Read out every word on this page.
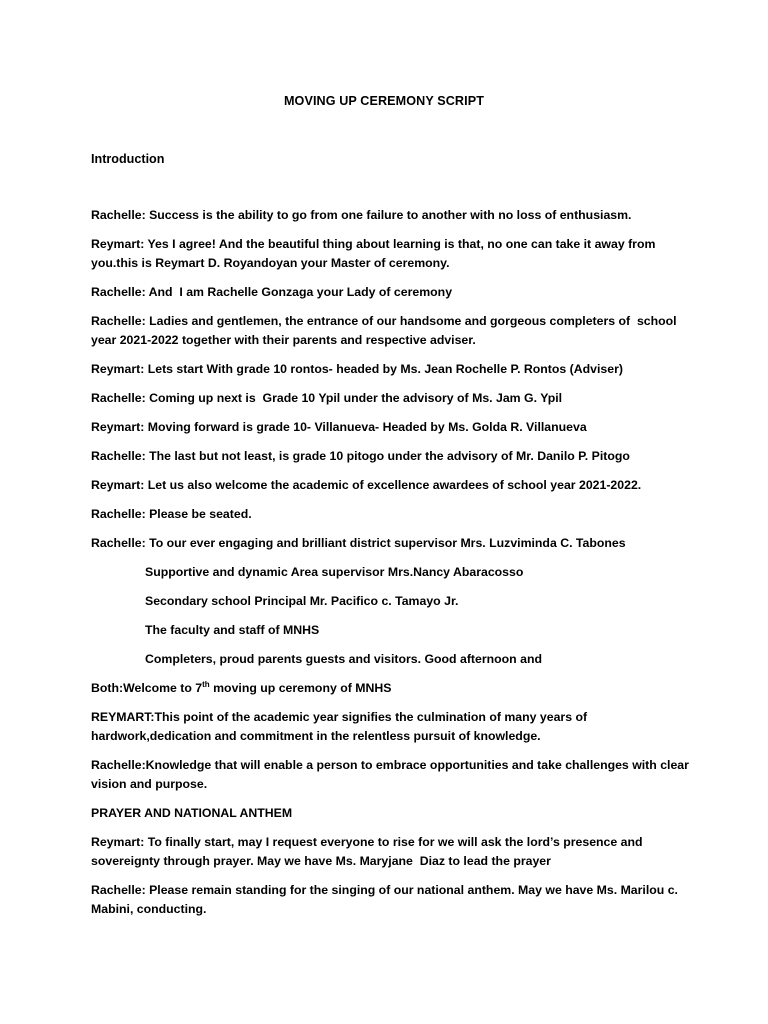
MOVING UP CEREMONY SCRIPT
Introduction

Rachelle: Success is the ability to go from one failure to another with no loss of enthusiasm.

Reymart: Yes I agree! And the beautiful thing about learning is that, no one can take it away from you.this is Reymart D. Royandoyan your Master of ceremony.

Rachelle: And  I am Rachelle Gonzaga your Lady of ceremony

Rachelle: Ladies and gentlemen, the entrance of our handsome and gorgeous completers of  school year 2021-2022 together with their parents and respective adviser.

Reymart: Lets start With grade 10 rontos- headed by Ms. Jean Rochelle P. Rontos (Adviser)

Rachelle: Coming up next is  Grade 10 Ypil under the advisory of Ms. Jam G. Ypil

Reymart: Moving forward is grade 10- Villanueva- Headed by Ms. Golda R. Villanueva

Rachelle: The last but not least, is grade 10 pitogo under the advisory of Mr. Danilo P. Pitogo

Reymart: Let us also welcome the academic of excellence awardees of school year 2021-2022.

Rachelle: Please be seated.

Rachelle: To our ever engaging and brilliant district supervisor Mrs. Luzviminda C. Tabones

Supportive and dynamic Area supervisor Mrs.Nancy Abaracosso

Secondary school Principal Mr. Pacifico c. Tamayo Jr.

The faculty and staff of MNHS

Completers, proud parents guests and visitors. Good afternoon and

Both:Welcome to 7th moving up ceremony of MNHS

REYMART:This point of the academic year signifies the culmination of many years of hardwork,dedication and commitment in the relentless pursuit of knowledge.

Rachelle:Knowledge that will enable a person to embrace opportunities and take challenges with clear vision and purpose.

PRAYER AND NATIONAL ANTHEM

Reymart: To finally start, may I request everyone to rise for we will ask the lord’s presence and sovereignty through prayer. May we have Ms. Maryjane  Diaz to lead the prayer

Rachelle: Please remain standing for the singing of our national anthem. May we have Ms. Marilou c. Mabini, conducting.
